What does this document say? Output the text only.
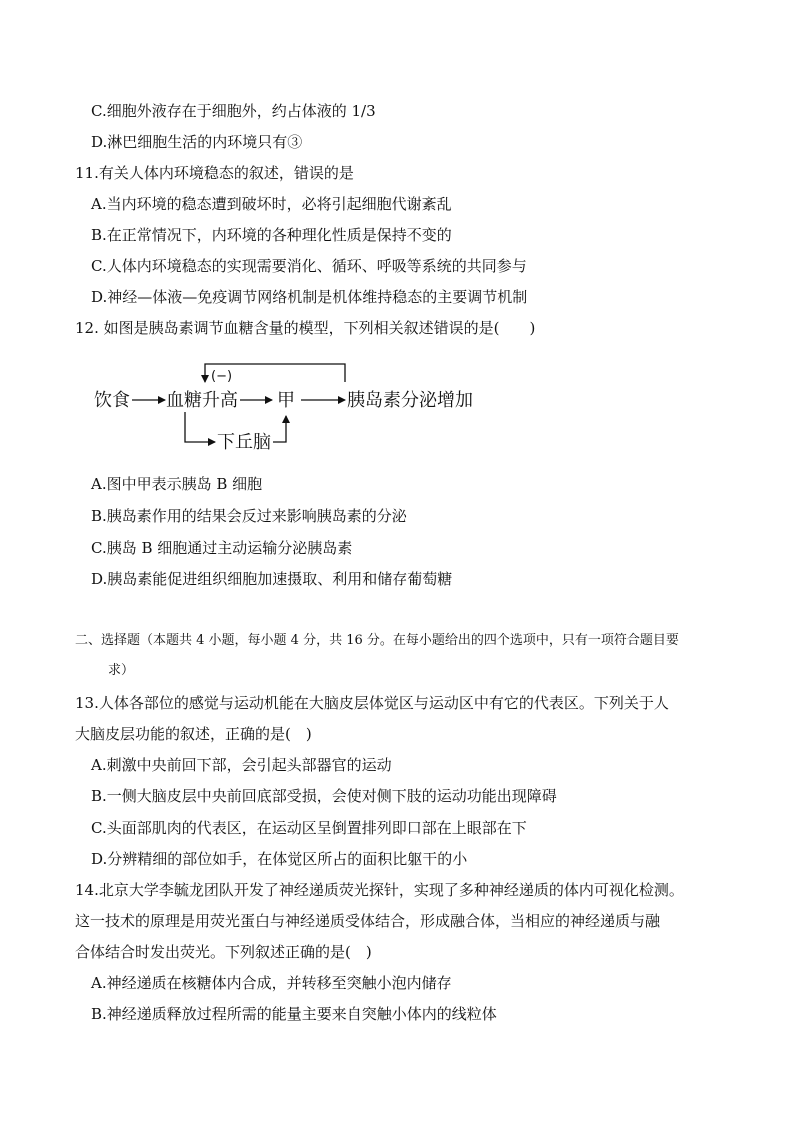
C.细胞外液存在于细胞外，约占体液的 1/3
D.淋巴细胞生活的内环境只有③
11.有关人体内环境稳态的叙述，错误的是
A.当内环境的稳态遭到破坏时，必将引起细胞代谢紊乱
B.在正常情况下，内环境的各种理化性质是保持不变的
C.人体内环境稳态的实现需要消化、循环、呼吸等系统的共同参与
D.神经—体液—免疫调节网络机制是机体维持稳态的主要调节机制
12. 如图是胰岛素调节血糖含量的模型，下列相关叙述错误的是(　　)
(−)
饮食 血糖升高 甲	胰岛素分泌增加
下丘脑
A.图中甲表示胰岛 B 细胞
B.胰岛素作用的结果会反过来影响胰岛素的分泌
C.胰岛 B 细胞通过主动运输分泌胰岛素
D.胰岛素能促进组织细胞加速摄取、利用和储存葡萄糖
二、选择题（本题共 4 小题，每小题 4 分，共 16 分。在每小题给出的四个选项中，只有一项符合题目要
求）
13.人体各部位的感觉与运动机能在大脑皮层体觉区与运动区中有它的代表区。下列关于人
大脑皮层功能的叙述，正确的是(　)
A.刺激中央前回下部，会引起头部器官的运动
B.一侧大脑皮层中央前回底部受损，会使对侧下肢的运动功能出现障碍
C.头面部肌肉的代表区，在运动区呈倒置排列即口部在上眼部在下
D.分辨精细的部位如手，在体觉区所占的面积比躯干的小
14.北京大学李毓龙团队开发了神经递质荧光探针，实现了多种神经递质的体内可视化检测。
这一技术的原理是用荧光蛋白与神经递质受体结合，形成融合体，当相应的神经递质与融
合体结合时发出荧光。下列叙述正确的是(　)
A.神经递质在核糖体内合成，并转移至突触小泡内储存
B.神经递质释放过程所需的能量主要来自突触小体内的线粒体
